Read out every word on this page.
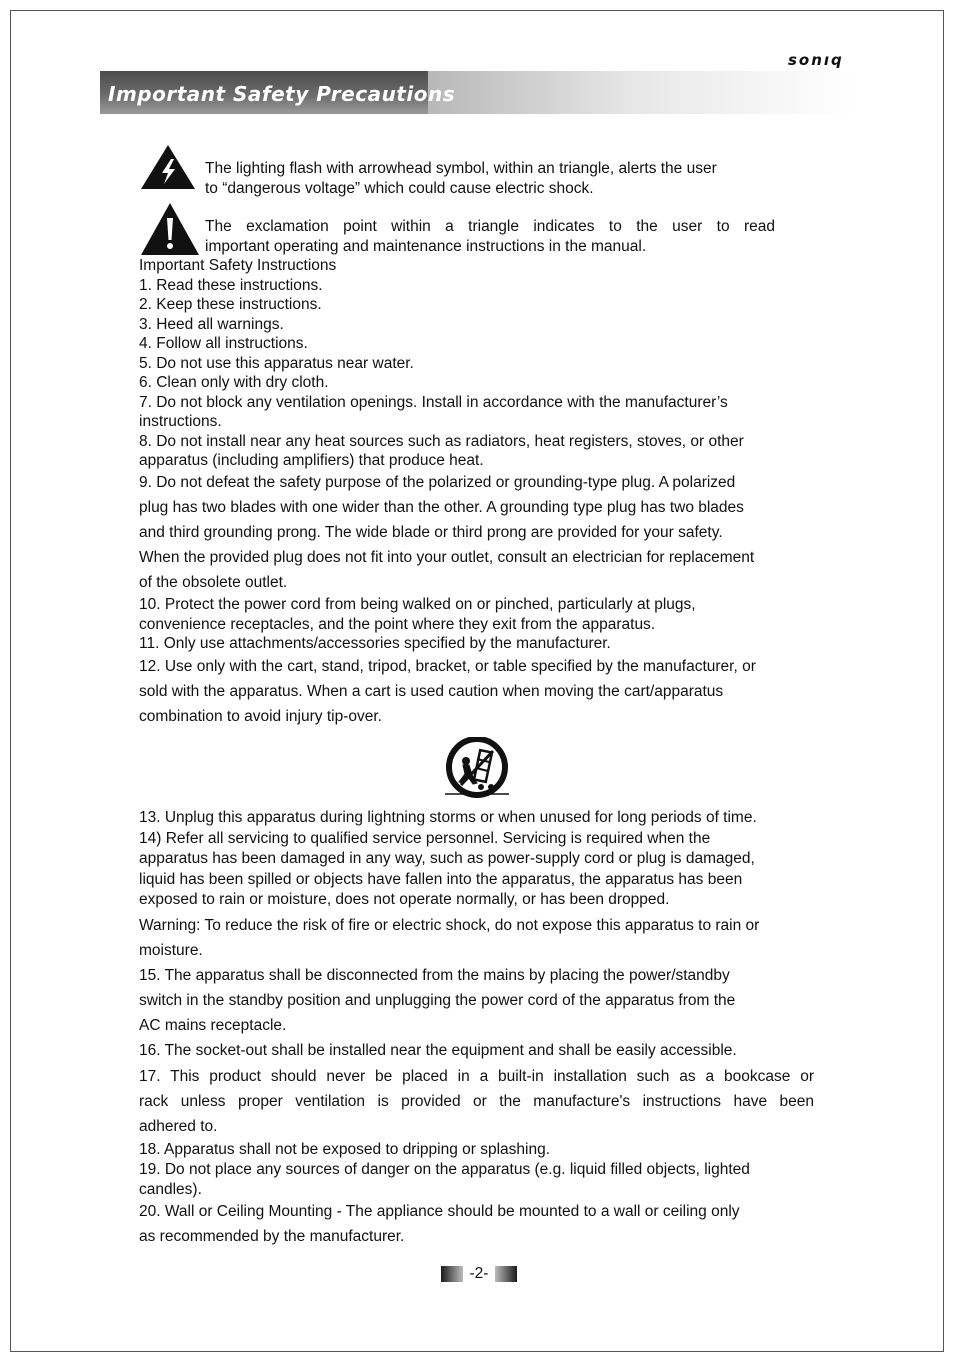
sonıq
Important Safety Precautions
The lighting flash with arrowhead symbol, within an triangle, alerts the user
to “dangerous voltage” which could cause electric shock.
The exclamation point within a triangle indicates to the user to read
important operating and maintenance instructions in the manual.
Important Safety Instructions
1. Read these instructions.
2. Keep these instructions.
3. Heed all warnings.
4. Follow all instructions.
5. Do not use this apparatus near water.
6. Clean only with dry cloth.
7. Do not block any ventilation openings. Install in accordance with the manufacturer’s
instructions.
8. Do not install near any heat sources such as radiators, heat registers, stoves, or other
apparatus (including amplifiers) that produce heat.
9. Do not defeat the safety purpose of the polarized or grounding-type plug. A polarized
plug has two blades with one wider than the other. A grounding type plug has two blades
and third grounding prong. The wide blade or third prong are provided for your safety.
When the provided plug does not fit into your outlet, consult an electrician for replacement
of the obsolete outlet.
10. Protect the power cord from being walked on or pinched, particularly at plugs,
convenience receptacles, and the point where they exit from the apparatus.
11. Only use attachments/accessories specified by the manufacturer.
12. Use only with the cart, stand, tripod, bracket, or table specified by the manufacturer, or
sold with the apparatus. When a cart is used caution when moving the cart/apparatus
combination to avoid injury tip-over.
13. Unplug this apparatus during lightning storms or when unused for long periods of time.
14) Refer all servicing to qualified service personnel. Servicing is required when the
apparatus has been damaged in any way, such as power-supply cord or plug is damaged,
liquid has been spilled or objects have fallen into the apparatus, the apparatus has been
exposed to rain or moisture, does not operate normally, or has been dropped.
Warning: To reduce the risk of fire or electric shock, do not expose this apparatus to rain or
moisture.
15. The apparatus shall be disconnected from the mains by placing the power/standby
switch in the standby position and unplugging the power cord of the apparatus from the
AC mains receptacle.
16. The socket-out shall be installed near the equipment and shall be easily accessible.
17. This product should never be placed in a built-in installation such as a bookcase or
rack unless proper ventilation is provided or the manufacture's instructions have been
adhered to.
18. Apparatus shall not be exposed to dripping or splashing.
19. Do not place any sources of danger on the apparatus (e.g. liquid filled objects, lighted
candles).
20. Wall or Ceiling Mounting - The appliance should be mounted to a wall or ceiling only
as recommended by the manufacturer.
-2-
